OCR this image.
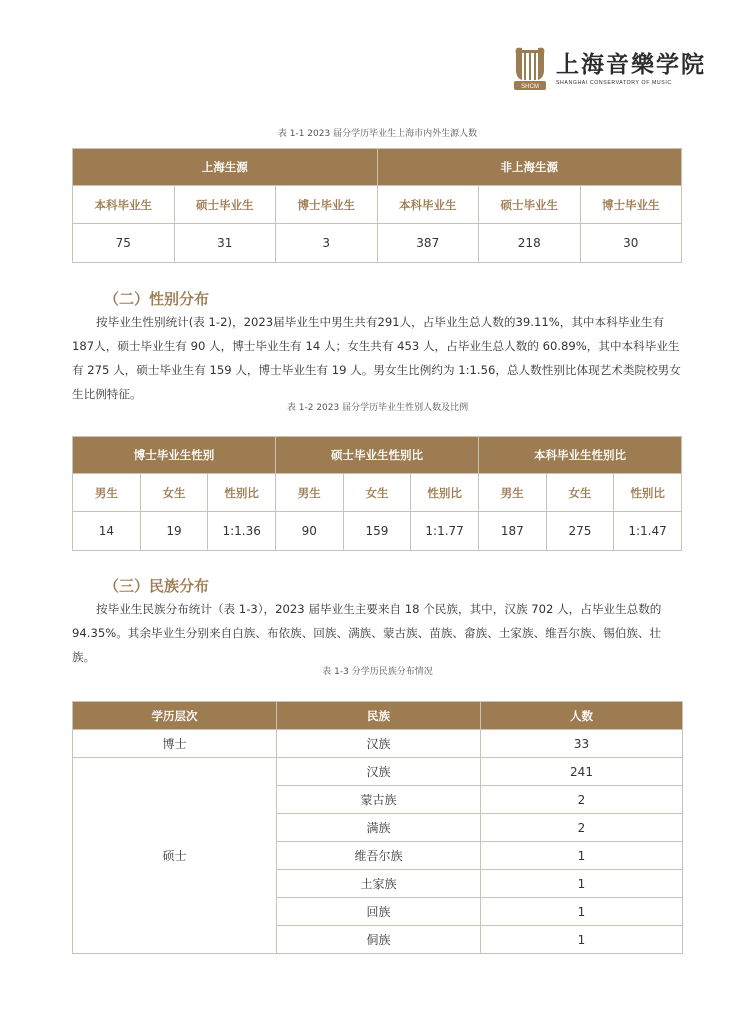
SHCM
上海音樂学院
SHANGHAI CONSERVATORY OF MUSIC
表 1-1 2023 届分学历毕业生上海市内外生源人数
上海生源			非上海生源		
本科毕业生	硕士毕业生	博士毕业生	本科毕业生	硕士毕业生	博士毕业生
75	31	3	387	218	30
（二）性别分布
按毕业生性别统计(表 1-2)，2023届毕业生中男生共有291人，占毕业生总人数的39.11%，其中本科毕业生有187人，硕士毕业生有 90 人，博士毕业生有 14 人；女生共有 453 人，占毕业生总人数的 60.89%，其中本科毕业生有 275 人，硕士毕业生有 159 人，博士毕业生有 19 人。男女生比例约为 1:1.56，总人数性别比体现艺术类院校男女生比例特征。
表 1-2 2023 届分学历毕业生性别人数及比例
博士毕业生性别			硕士毕业生性别比			本科毕业生性别比		
男生	女生	性别比	男生	女生	性别比	男生	女生	性别比
14	19	1:1.36	90	159	1:1.77	187	275	1:1.47
（三）民族分布
按毕业生民族分布统计（表 1-3），2023 届毕业生主要来自 18 个民族，其中，汉族 702 人，占毕业生总数的 94.35%。其余毕业生分别来自白族、布依族、回族、满族、蒙古族、苗族、畲族、土家族、维吾尔族、锡伯族、壮族。
表 1-3 分学历民族分布情况
学历层次	民族	人数
博士	汉族	33
硕士	汉族	241
	蒙古族	2
	满族	2
	维吾尔族	1
	土家族	1
	回族	1
	侗族	1
